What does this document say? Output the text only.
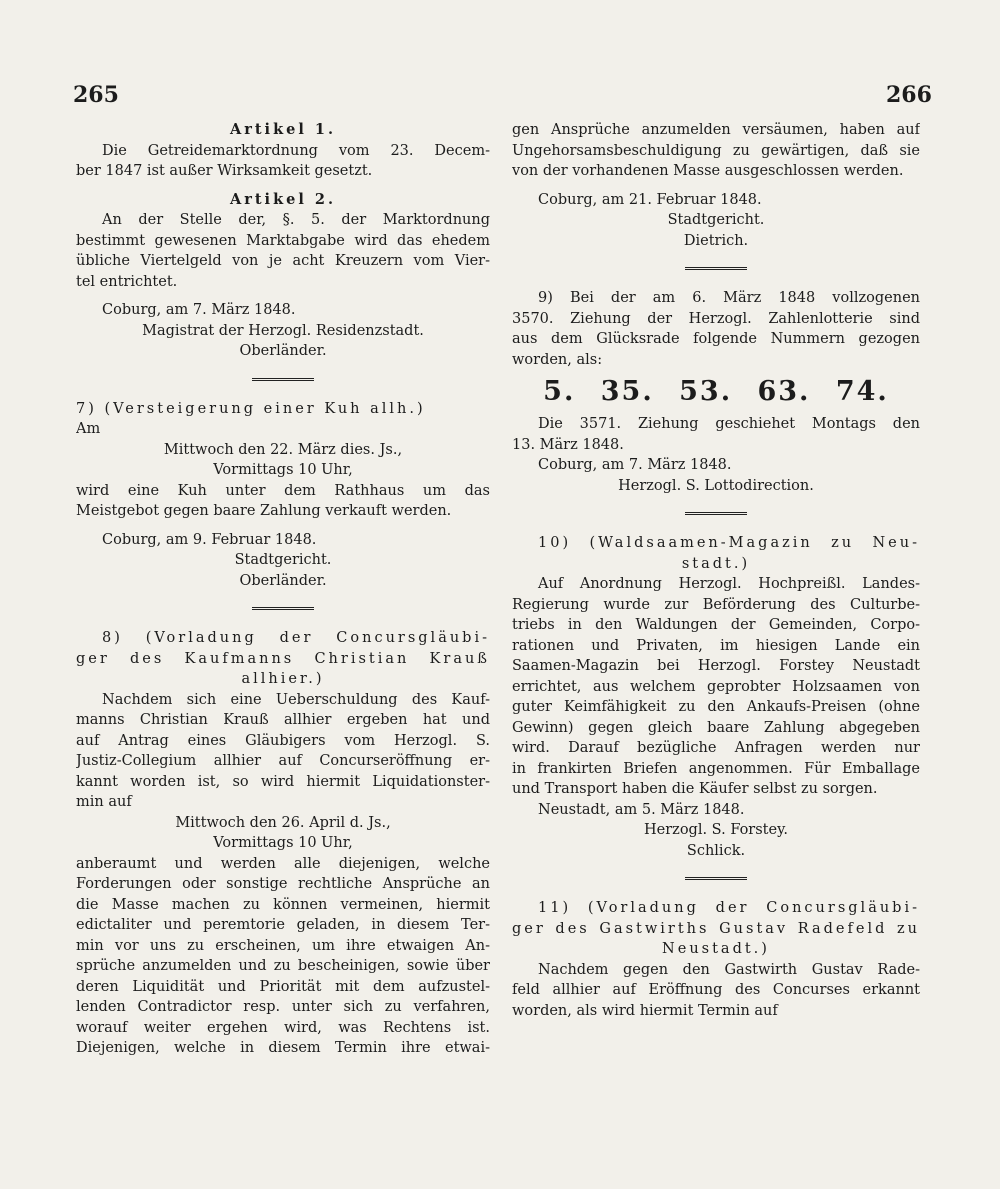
265	266
Artikel 1.
Die Getreidemarktordnung vom 23. Decem-
ber 1847 ist außer Wirksamkeit gesetzt.
Artikel 2.
An der Stelle der, §. 5. der Marktordnung
bestimmt gewesenen Marktabgabe wird das ehedem
übliche Viertelgeld von je acht Kreuzern vom Vier-
tel entrichtet.
Coburg, am 7. März 1848.
Magistrat der Herzogl. Residenzstadt.
Oberländer.
7) (Versteigerung einer Kuh allh.)
Am
Mittwoch den 22. März dies. Js.,
Vormittags 10 Uhr,
wird eine Kuh unter dem Rathhaus um das
Meistgebot gegen baare Zahlung verkauft werden.
Coburg, am 9. Februar 1848.
Stadtgericht.
Oberländer.
8) (Vorladung der Concursgläubi-
ger des Kaufmanns Christian Krauß
allhier.)
Nachdem sich eine Ueberschuldung des Kauf-
manns Christian Krauß allhier ergeben hat und
auf Antrag eines Gläubigers vom Herzogl. S.
Justiz-Collegium allhier auf Concurseröffnung er-
kannt worden ist, so wird hiermit Liquidationster-
min auf
Mittwoch den 26. April d. Js.,
Vormittags 10 Uhr,
anberaumt und werden alle diejenigen, welche
Forderungen oder sonstige rechtliche Ansprüche an
die Masse machen zu können vermeinen, hiermit
edictaliter und peremtorie geladen, in diesem Ter-
min vor uns zu erscheinen, um ihre etwaigen An-
sprüche anzumelden und zu bescheinigen, sowie über
deren Liquidität und Priorität mit dem aufzustel-
lenden Contradictor resp. unter sich zu verfahren,
worauf weiter ergehen wird, was Rechtens ist.
Diejenigen, welche in diesem Termin ihre etwai-
gen Ansprüche anzumelden versäumen, haben auf
Ungehorsamsbeschuldigung zu gewärtigen, daß sie
von der vorhandenen Masse ausgeschlossen werden.
Coburg, am 21. Februar 1848.
Stadtgericht.
Dietrich.
9) Bei der am 6. März 1848 vollzogenen
3570. Ziehung der Herzogl. Zahlenlotterie sind
aus dem Glücksrade folgende Nummern gezogen
worden, als:
5. 35. 53. 63. 74.
Die 3571. Ziehung geschiehet Montags den
13. März 1848.
Coburg, am 7. März 1848.
Herzogl. S. Lottodirection.
10) (Waldsaamen-Magazin zu Neu-
stadt.)
Auf Anordnung Herzogl. Hochpreißl. Landes-
Regierung wurde zur Beförderung des Culturbe-
triebs in den Waldungen der Gemeinden, Corpo-
rationen und Privaten, im hiesigen Lande ein
Saamen-Magazin bei Herzogl. Forstey Neustadt
errichtet, aus welchem geprobter Holzsaamen von
guter Keimfähigkeit zu den Ankaufs-Preisen (ohne
Gewinn) gegen gleich baare Zahlung abgegeben
wird. Darauf bezügliche Anfragen werden nur
in frankirten Briefen angenommen. Für Emballage
und Transport haben die Käufer selbst zu sorgen.
Neustadt, am 5. März 1848.
Herzogl. S. Forstey.
Schlick.
11) (Vorladung der Concursgläubi-
ger des Gastwirths Gustav Radefeld zu
Neustadt.)
Nachdem gegen den Gastwirth Gustav Rade-
feld allhier auf Eröffnung des Concurses erkannt
worden, als wird hiermit Termin auf
